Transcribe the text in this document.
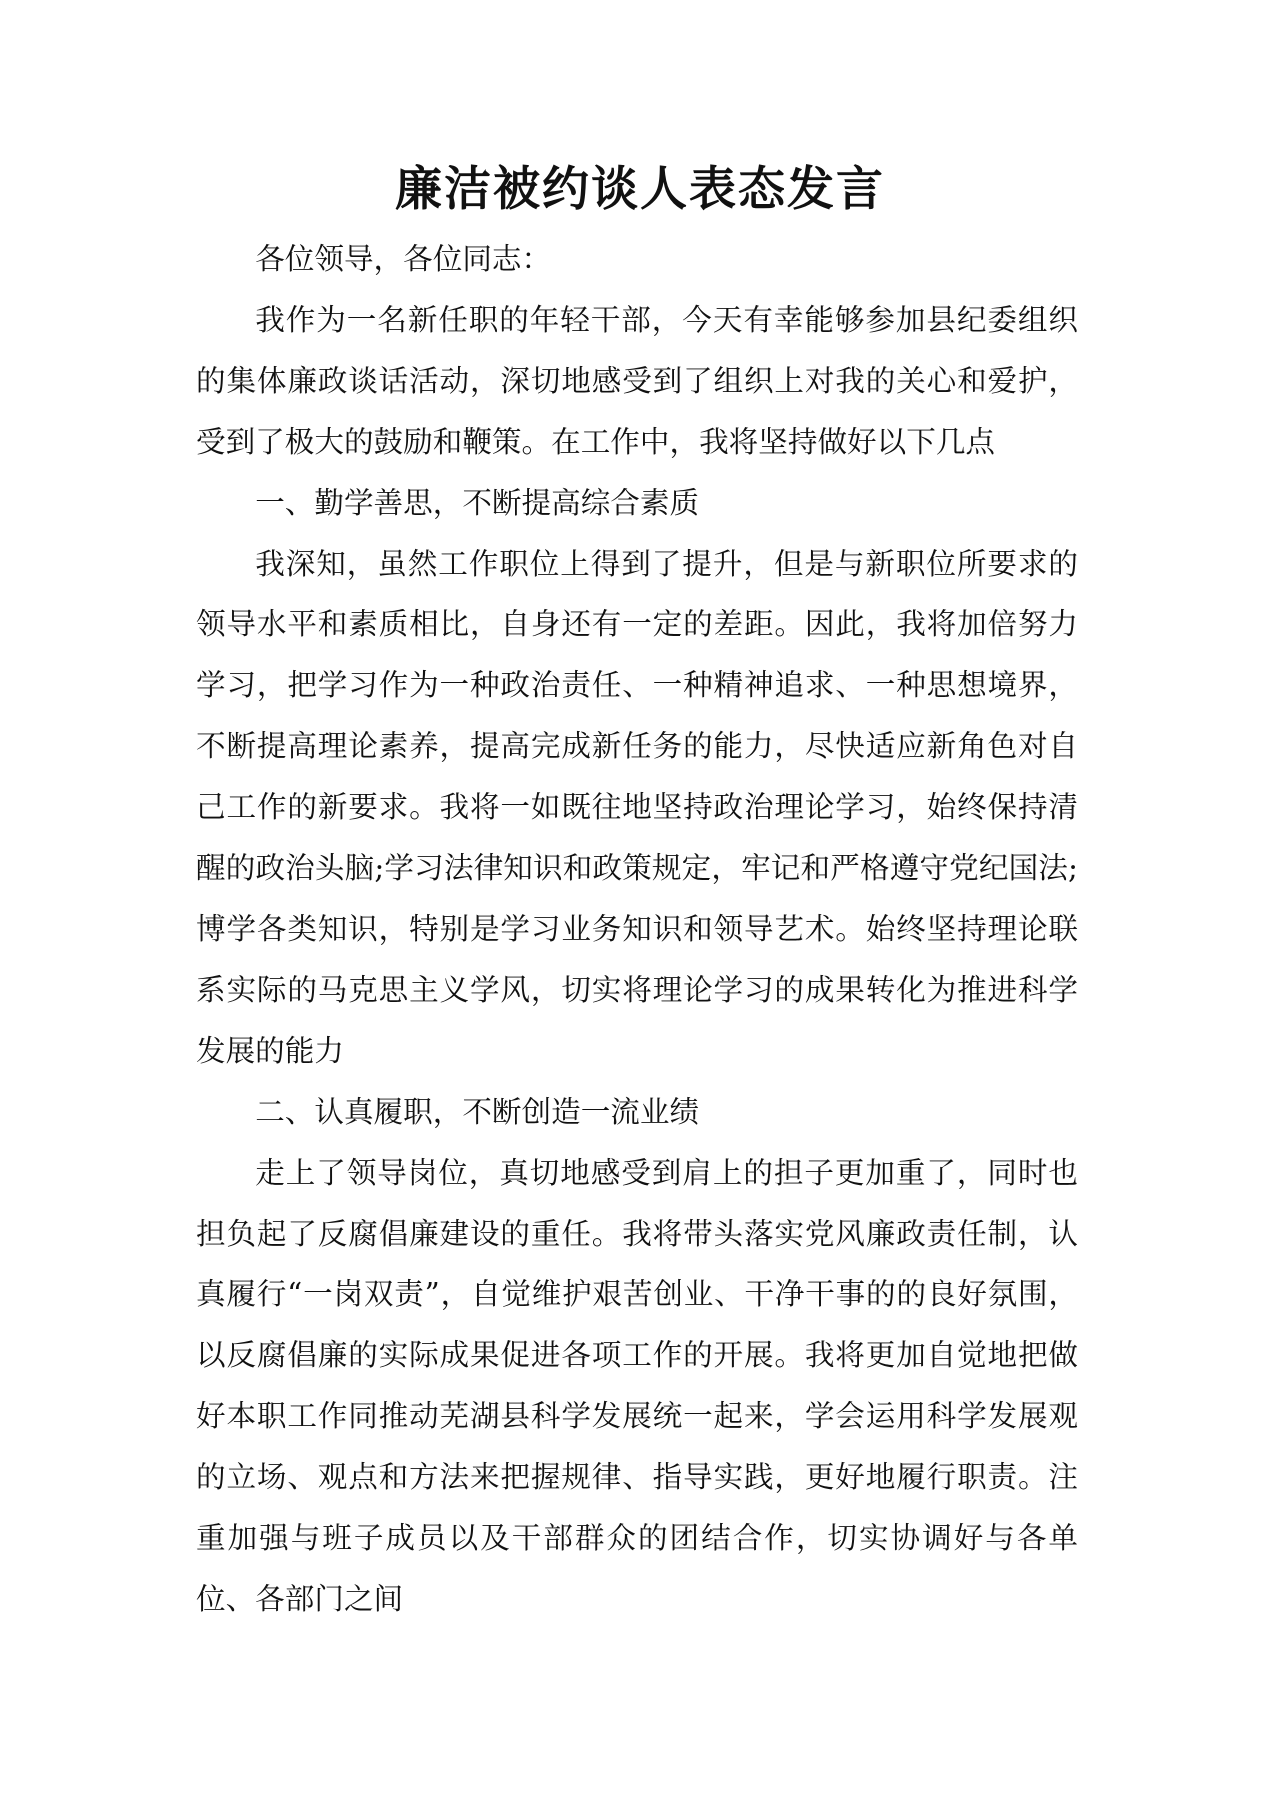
廉洁被约谈人表态发言

各位领导，各位同志：

我作为一名新任职的年轻干部，今天有幸能够参加县纪委组织的集体廉政谈话活动，深切地感受到了组织上对我的关心和爱护，受到了极大的鼓励和鞭策。在工作中，我将坚持做好以下几点

一、勤学善思，不断提高综合素质

我深知，虽然工作职位上得到了提升，但是与新职位所要求的领导水平和素质相比，自身还有一定的差距。因此，我将加倍努力学习，把学习作为一种政治责任、一种精神追求、一种思想境界，不断提高理论素养，提高完成新任务的能力，尽快适应新角色对自己工作的新要求。我将一如既往地坚持政治理论学习，始终保持清醒的政治头脑;学习法律知识和政策规定，牢记和严格遵守党纪国法;博学各类知识，特别是学习业务知识和领导艺术。始终坚持理论联系实际的马克思主义学风，切实将理论学习的成果转化为推进科学发展的能力

二、认真履职，不断创造一流业绩

走上了领导岗位，真切地感受到肩上的担子更加重了，同时也担负起了反腐倡廉建设的重任。我将带头落实党风廉政责任制，认真履行“一岗双责”，自觉维护艰苦创业、干净干事的的良好氛围，以反腐倡廉的实际成果促进各项工作的开展。我将更加自觉地把做好本职工作同推动芜湖县科学发展统一起来，学会运用科学发展观的立场、观点和方法来把握规律、指导实践，更好地履行职责。注重加强与班子成员以及干部群众的团结合作，切实协调好与各单位、各部门之间
